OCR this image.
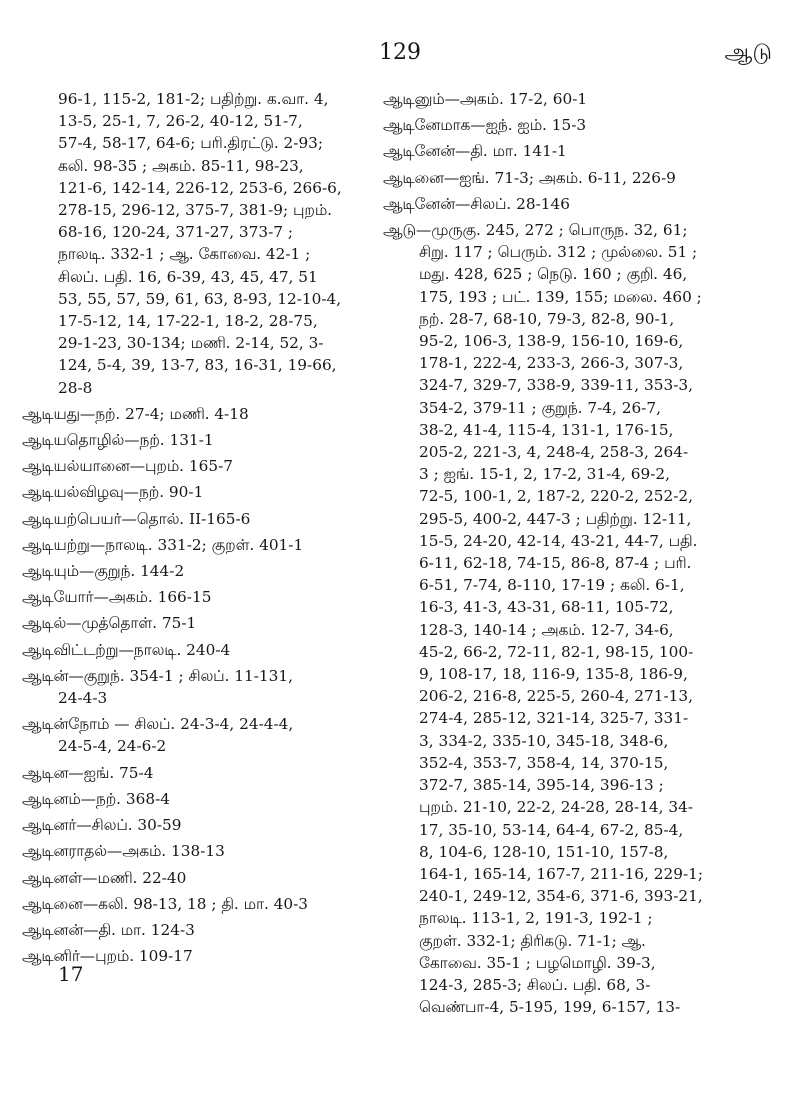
129	ஆடு
96-1, 115-2, 181-2; பதிற்று. க.வா. 4,
13-5, 25-1, 7, 26-2, 40-12, 51-7,
57-4, 58-17, 64-6; பரி.திரட்டு. 2-93;
கலி. 98-35 ; அகம். 85-11, 98-23,
121-6, 142-14, 226-12, 253-6, 266-6,
278-15, 296-12, 375-7, 381-9; புறம்.
68-16, 120-24, 371-27, 373-7 ;
நாலடி. 332-1 ; ஆ. கோவை. 42-1 ;
சிலப். பதி. 16, 6-39, 43, 45, 47, 51
53, 55, 57, 59, 61, 63, 8-93, 12-10-4,
17-5-12, 14, 17-22-1, 18-2, 28-75,
29-1-23, 30-134; மணி. 2-14, 52, 3-
124, 5-4, 39, 13-7, 83, 16-31, 19-66,
28-8
ஆடியது—நற். 27-4; மணி. 4-18
ஆடியதொழில்—நற். 131-1
ஆடியல்யானை—புறம். 165-7
ஆடியல்விழவு—நற். 90-1
ஆடியற்பெயர்—தொல். II-165-6
ஆடியற்று—நாலடி. 331-2; குறள். 401-1
ஆடியும்—குறுந். 144-2
ஆடியோர்—அகம். 166-15
ஆடில்—முத்தொள். 75-1
ஆடிவிட்டற்று—நாலடி. 240-4
ஆடின்—குறுந். 354-1 ; சிலப். 11-131,
24-4-3
ஆடின்நோம் — சிலப். 24-3-4, 24-4-4,
24-5-4, 24-6-2
ஆடின—ஐங். 75-4
ஆடினம்—நற். 368-4
ஆடினர்—சிலப். 30-59
ஆடினராதல்—அகம். 138-13
ஆடினள்—மணி. 22-40
ஆடினை—கலி. 98-13, 18 ; தி. மா. 40-3
ஆடினன்—தி. மா. 124-3
ஆடினிர்—புறம். 109-17
ஆடினும்—அகம். 17-2, 60-1
ஆடினேமாக—ஐந். ஐம். 15-3
ஆடினேன்—தி. மா. 141-1
ஆடினை—ஐங். 71-3; அகம். 6-11, 226-9
ஆடினேன்—சிலப். 28-146
ஆடு—முருகு. 245, 272 ; பொருந. 32, 61;
சிறு. 117 ; பெரும். 312 ; முல்லை. 51 ;
மது. 428, 625 ; நெடு. 160 ; குறி. 46,
175, 193 ; பட். 139, 155; மலை. 460 ;
நற். 28-7, 68-10, 79-3, 82-8, 90-1,
95-2, 106-3, 138-9, 156-10, 169-6,
178-1, 222-4, 233-3, 266-3, 307-3,
324-7, 329-7, 338-9, 339-11, 353-3,
354-2, 379-11 ; குறுந். 7-4, 26-7,
38-2, 41-4, 115-4, 131-1, 176-15,
205-2, 221-3, 4, 248-4, 258-3, 264-
3 ; ஐங். 15-1, 2, 17-2, 31-4, 69-2,
72-5, 100-1, 2, 187-2, 220-2, 252-2,
295-5, 400-2, 447-3 ; பதிற்று. 12-11,
15-5, 24-20, 42-14, 43-21, 44-7, பதி.
6-11, 62-18, 74-15, 86-8, 87-4 ; பரி.
6-51, 7-74, 8-110, 17-19 ; கலி. 6-1,
16-3, 41-3, 43-31, 68-11, 105-72,
128-3, 140-14 ; அகம். 12-7, 34-6,
45-2, 66-2, 72-11, 82-1, 98-15, 100-
9, 108-17, 18, 116-9, 135-8, 186-9,
206-2, 216-8, 225-5, 260-4, 271-13,
274-4, 285-12, 321-14, 325-7, 331-
3, 334-2, 335-10, 345-18, 348-6,
352-4, 353-7, 358-4, 14, 370-15,
372-7, 385-14, 395-14, 396-13 ;
புறம். 21-10, 22-2, 24-28, 28-14, 34-
17, 35-10, 53-14, 64-4, 67-2, 85-4,
8, 104-6, 128-10, 151-10, 157-8,
164-1, 165-14, 167-7, 211-16, 229-1;
240-1, 249-12, 354-6, 371-6, 393-21,
நாலடி. 113-1, 2, 191-3, 192-1 ;
குறள். 332-1; திரிகடு. 71-1; ஆ.
கோவை. 35-1 ; பழமொழி. 39-3,
124-3, 285-3; சிலப். பதி. 68, 3-
வெண்பா-4, 5-195, 199, 6-157, 13-
17
